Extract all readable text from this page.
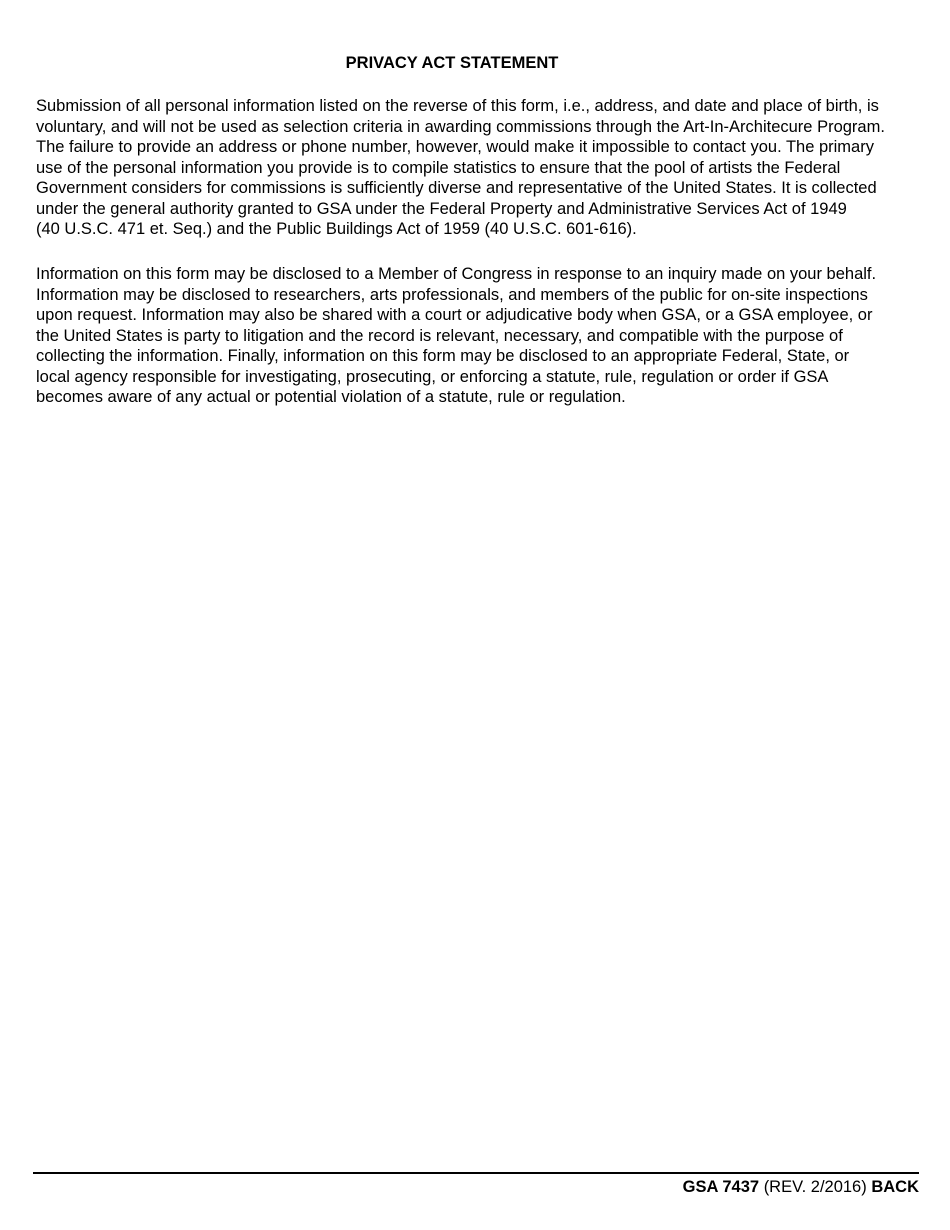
PRIVACY ACT STATEMENT

Submission of all personal information listed on the reverse of this form, i.e., address, and date and place of birth, is
voluntary, and will not be used as selection criteria in awarding commissions through the Art-In-Architecure Program.
The failure to provide an address or phone number, however, would make it impossible to contact you. The primary
use of the personal information you provide is to compile statistics to ensure that the pool of artists the Federal
Government considers for commissions is sufficiently diverse and representative of the United States. It is collected
under the general authority granted to GSA under the Federal Property and Administrative Services Act of 1949
(40 U.S.C. 471 et. Seq.) and the Public Buildings Act of 1959 (40 U.S.C. 601-616).

Information on this form may be disclosed to a Member of Congress in response to an inquiry made on your behalf.
Information may be disclosed to researchers, arts professionals, and members of the public for on-site inspections
upon request. Information may also be shared with a court or adjudicative body when GSA, or a GSA employee, or
the United States is party to litigation and the record is relevant, necessary, and compatible with the purpose of
collecting the information. Finally, information on this form may be disclosed to an appropriate Federal, State, or
local agency responsible for investigating, prosecuting, or enforcing a statute, rule, regulation or order if GSA
becomes aware of any actual or potential violation of a statute, rule or regulation.

GSA 7437 (REV. 2/2016) BACK
